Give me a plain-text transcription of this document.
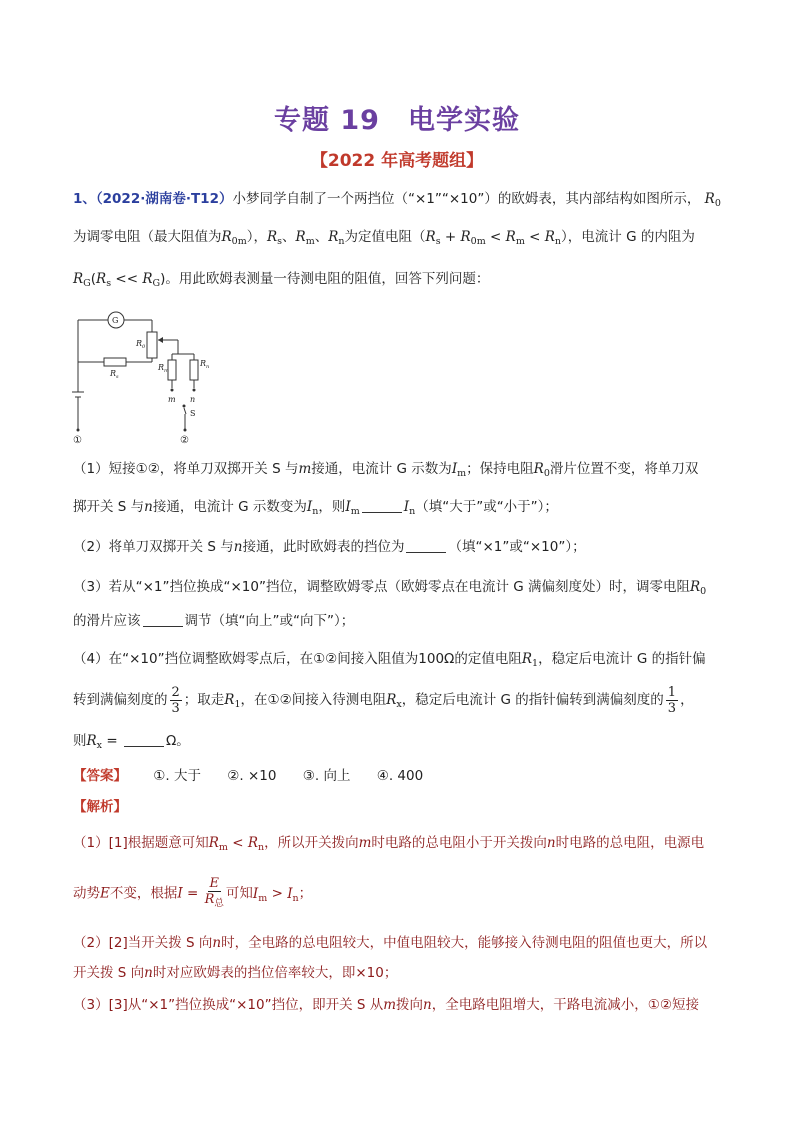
专题 19　电学实验
【2022 年高考题组】
1、（2022·湖南卷·T12）小梦同学自制了一个两挡位（“×1”“×10”）的欧姆表，其内部结构如图所示， $R_0$
为调零电阻（最大阻值为$R_{0m}$），$R_s$、$R_m$、$R_n$为定值电阻$(R_s + R_{0m} < R_m < R_n)$，电流计 G 的内阻为
$R_G(R_s << R_G)$。用此欧姆表测量一待测电阻的阻值，回答下列问题：
G
$R_0$
$R_s$
$R_m$
$R_n$
m n
S
①	②
（1）短接①②，将单刀双掷开关 S 与m接通，电流计 G 示数为$I_m$；保持电阻$R_0$滑片位置不变，将单刀双
掷开关 S 与n接通，电流计 G 示数变为$I_n$，则$I_m$	$I_n$（填“大于”或“小于”）；
（2）将单刀双掷开关 S 与n接通，此时欧姆表的挡位为	（填“×1”或“×10”）；
（3）若从“×1”挡位换成“×10”挡位，调整欧姆零点（欧姆零点在电流计 G 满偏刻度处）时，调零电阻$R_0$
的滑片应该	调节（填“向上”或“向下”）；
（4）在“×10”挡位调整欧姆零点后，在①②间接入阻值为100Ω的定值电阻$R_1$，稳定后电流计 G 的指针偏
转到满偏刻度的 $\frac{2}{3}$ ；取走$R_1$，在①②间接入待测电阻$R_x$，稳定后电流计 G 的指针偏转到满偏刻度的 $\frac{1}{3}$ ，
则$R_x$ =	Ω。
【答案】 ①. 大于 ②. ×10 ③. 向上 ④. 400
【解析】
（1）[1]根据题意可知$R_m < R_n$，所以开关拨向m时电路的总电阻小于开关拨向n时电路的总电阻，电源电
动势E不变，根据$I = \frac{E}{R_总}$ 可知$I_m > I_n$；
（2）[2]当开关拨 S 向n时，全电路的总电阻较大，中值电阻较大，能够接入待测电阻的阻值也更大，所以
开关拨 S 向n时对应欧姆表的挡位倍率较大，即×10；
（3）[3]从“×1”挡位换成“×10”挡位，即开关 S 从m拨向n，全电路电阻增大，干路电流减小，①②短接
